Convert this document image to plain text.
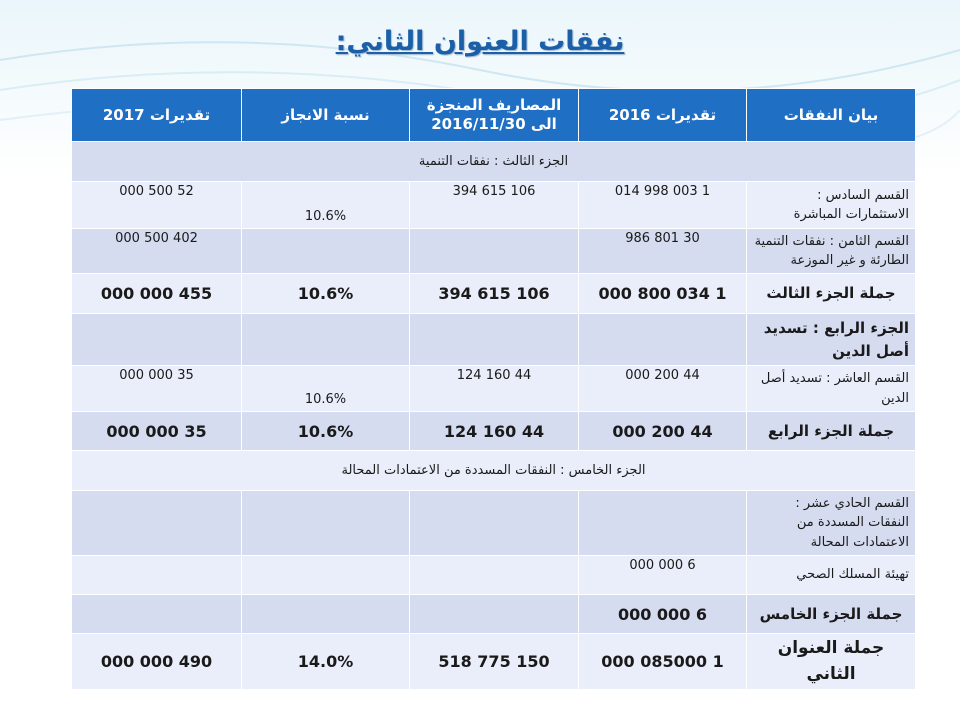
نفقات العنوان الثاني:
بيان النفقات	تقديرات 2016	المصاريف المنجزة الى 2016/11/30	نسبة الانجاز	تقديرات 2017
الجزء الثالث : نفقات التنمية				

القسم السادس :
الاستثمارات المباشرة	1 003 998 014	106 615 394	10.6%	52 500 000

القسم الثامن : نفقات التنمية
الطارئة و غير الموزعة	30 801 986			402 500 000
جملة الجزء الثالث	1 034 800 000	106 615 394	10.6%	455 000 000

الجزء الرابع : تسديد
أصل الدين				

القسم العاشر : تسديد أصل
الدين	44 200 000	44 160 124	10.6%	35 000 000
جملة الجزء الرابع	44 200 000	44 160 124	10.6%	35 000 000
الجزء الخامس : النفقات المسددة من الاعتمادات المحالة				

القسم الحادي عشر :
النفقات المسددة من
الاعتمادات المحالة				

تهيئة المسلك الصحي	6 000 000			
جملة الجزء الخامس	6 000 000			
جملة العنوان الثاني	1 085000 000	150 775 518	14.0%	490 000 000
